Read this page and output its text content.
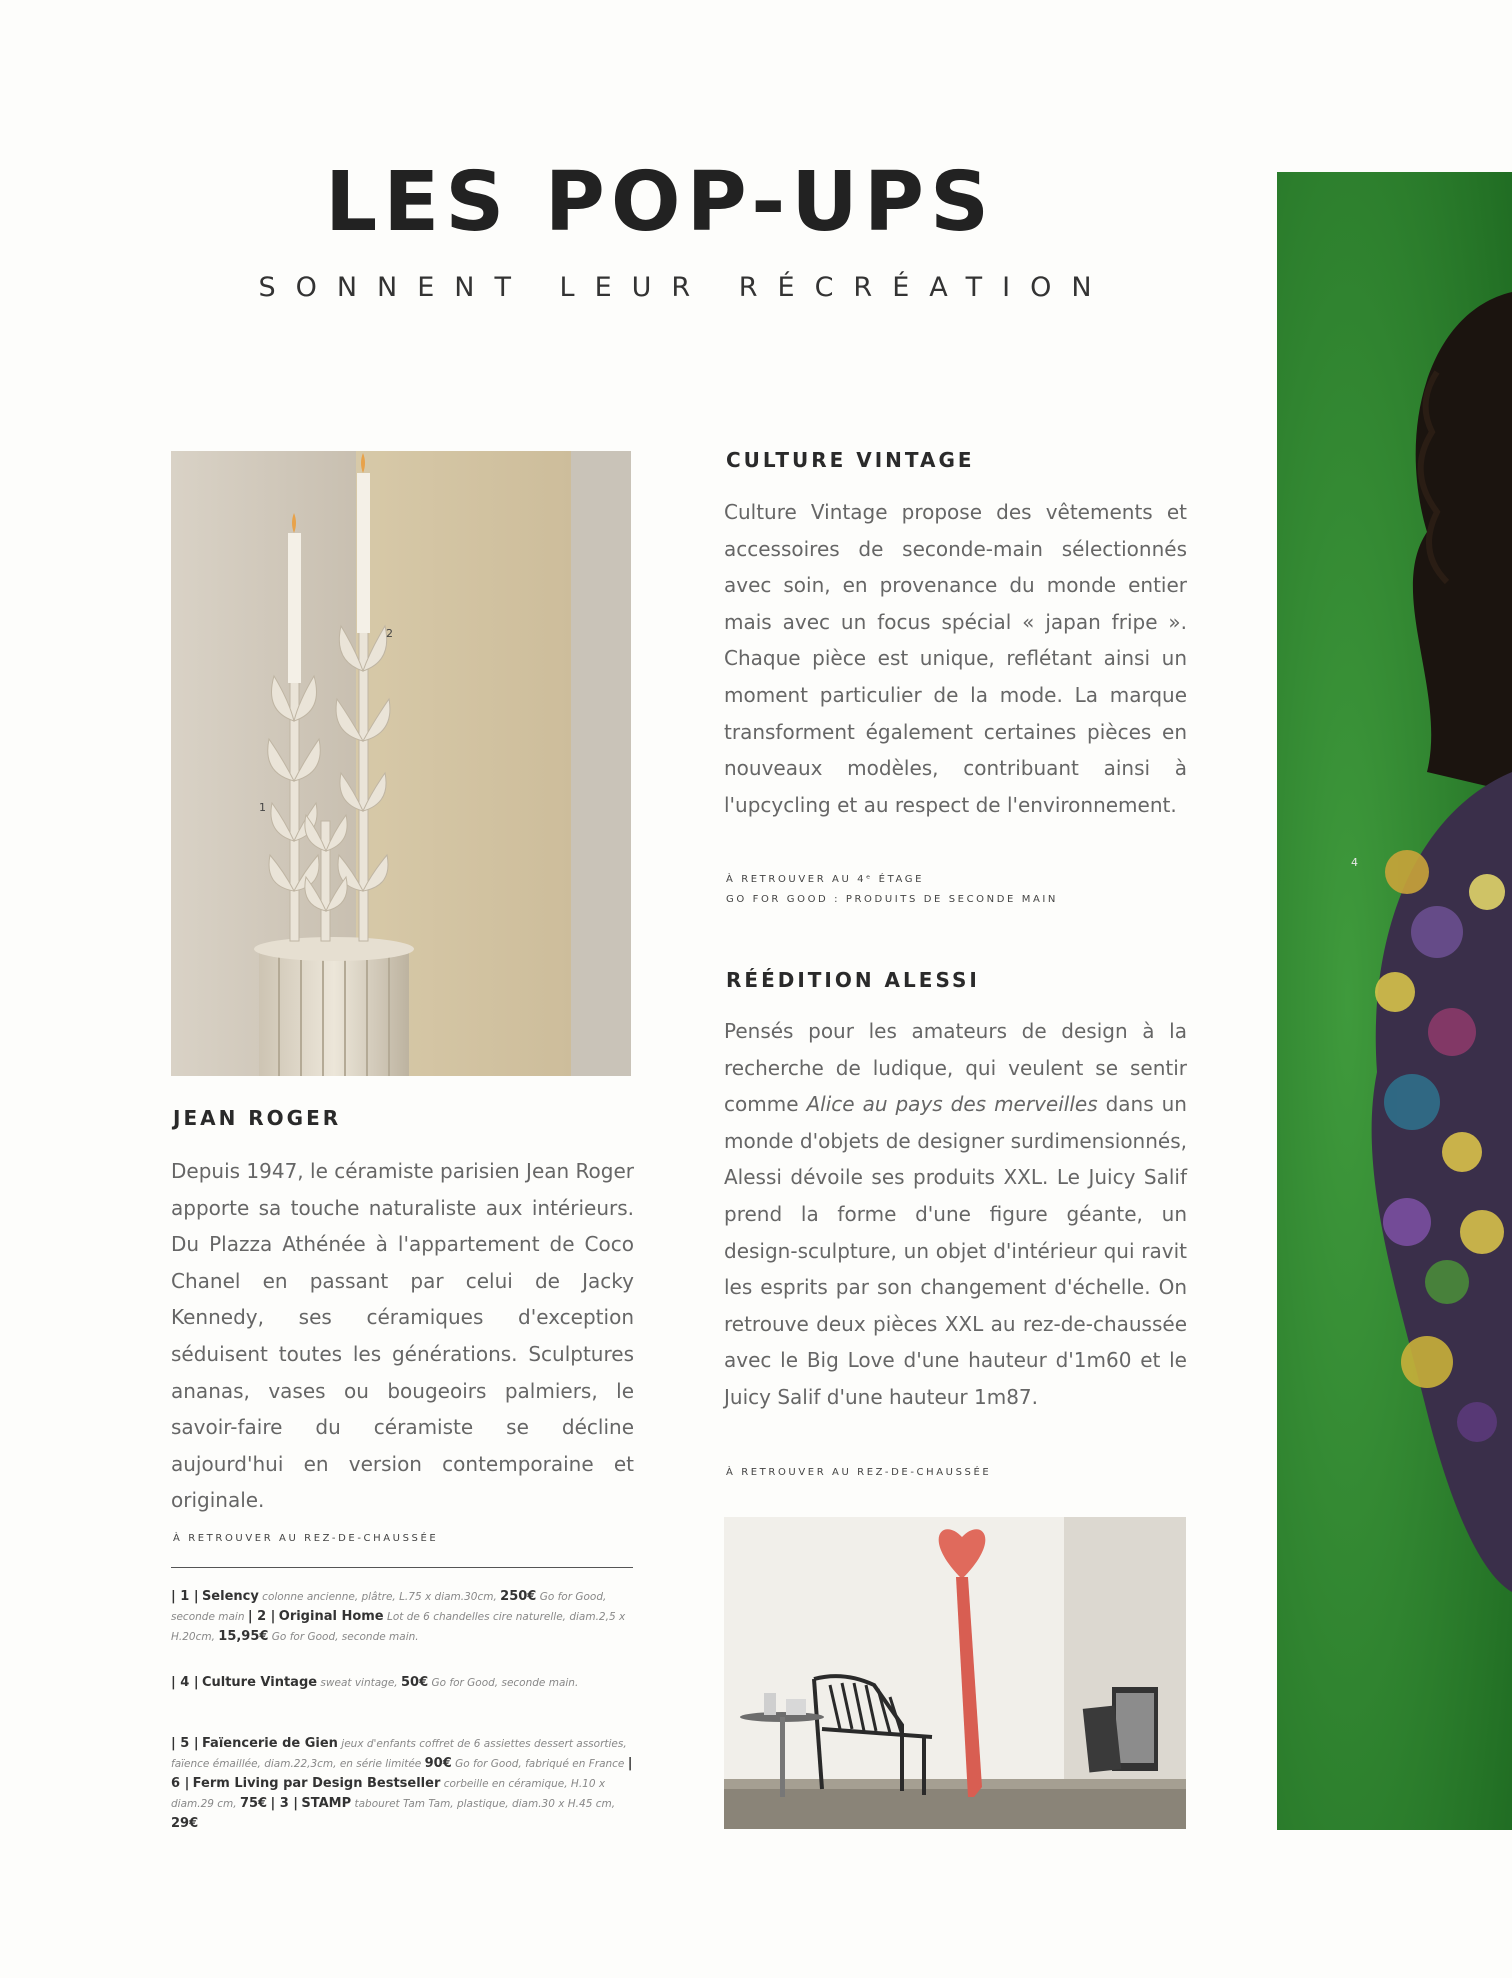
LES POP-UPS
SONNENT LEUR RÉCRÉATION
1
2
4
JEAN ROGER
Depuis 1947, le céramiste parisien Jean Roger apporte sa touche naturaliste aux intérieurs. Du Plazza Athénée à l'appartement de Coco Chanel en passant par celui de Jacky Kennedy, ses céramiques d'exception séduisent toutes les générations. Sculptures ananas, vases ou bougeoirs palmiers, le savoir-faire du céramiste se décline aujourd'hui en version contemporaine et originale.
À RETROUVER AU REZ-DE-CHAUSSÉE
| 1 | Selency colonne ancienne, plâtre, L.75 x diam.30cm, 250€ Go for Good, seconde main | 2 | Original Home Lot de 6 chandelles cire naturelle, diam.2,5 x H.20cm, 15,95€ Go for Good, seconde main.
| 4 | Culture Vintage sweat vintage, 50€ Go for Good, seconde main.
| 5 | Faïencerie de Gien jeux d'enfants coffret de 6 assiettes dessert assorties, faïence émaillée, diam.22,3cm, en série limitée 90€ Go for Good, fabriqué en France | 6 | Ferm Living par Design Bestseller corbeille en céramique, H.10 x diam.29 cm, 75€ | 3 | STAMP tabouret Tam Tam, plastique, diam.30 x H.45 cm, 29€
CULTURE VINTAGE
Culture Vintage propose des vêtements et accessoires de seconde-main sélectionnés avec soin, en provenance du monde entier mais avec un focus spécial « japan fripe ». Chaque pièce est unique, reflétant ainsi un moment particulier de la mode. La marque transforment également certaines pièces en nouveaux modèles, contribuant ainsi à l'upcycling et au respect de l'environnement.
À RETROUVER AU 4ᵉ ÉTAGE
GO FOR GOOD : PRODUITS DE SECONDE MAIN
RÉÉDITION ALESSI
Pensés pour les amateurs de design à la recherche de ludique, qui veulent se sentir comme Alice au pays des merveilles dans un monde d'objets de designer surdimensionnés, Alessi dévoile ses produits XXL. Le Juicy Salif prend la forme d'une figure géante, un design-sculpture, un objet d'intérieur qui ravit les esprits par son changement d'échelle. On retrouve deux pièces XXL au rez-de-chaussée avec le Big Love d'une hauteur d'1m60 et le Juicy Salif d'une hauteur 1m87.
À RETROUVER AU REZ-DE-CHAUSSÉE
